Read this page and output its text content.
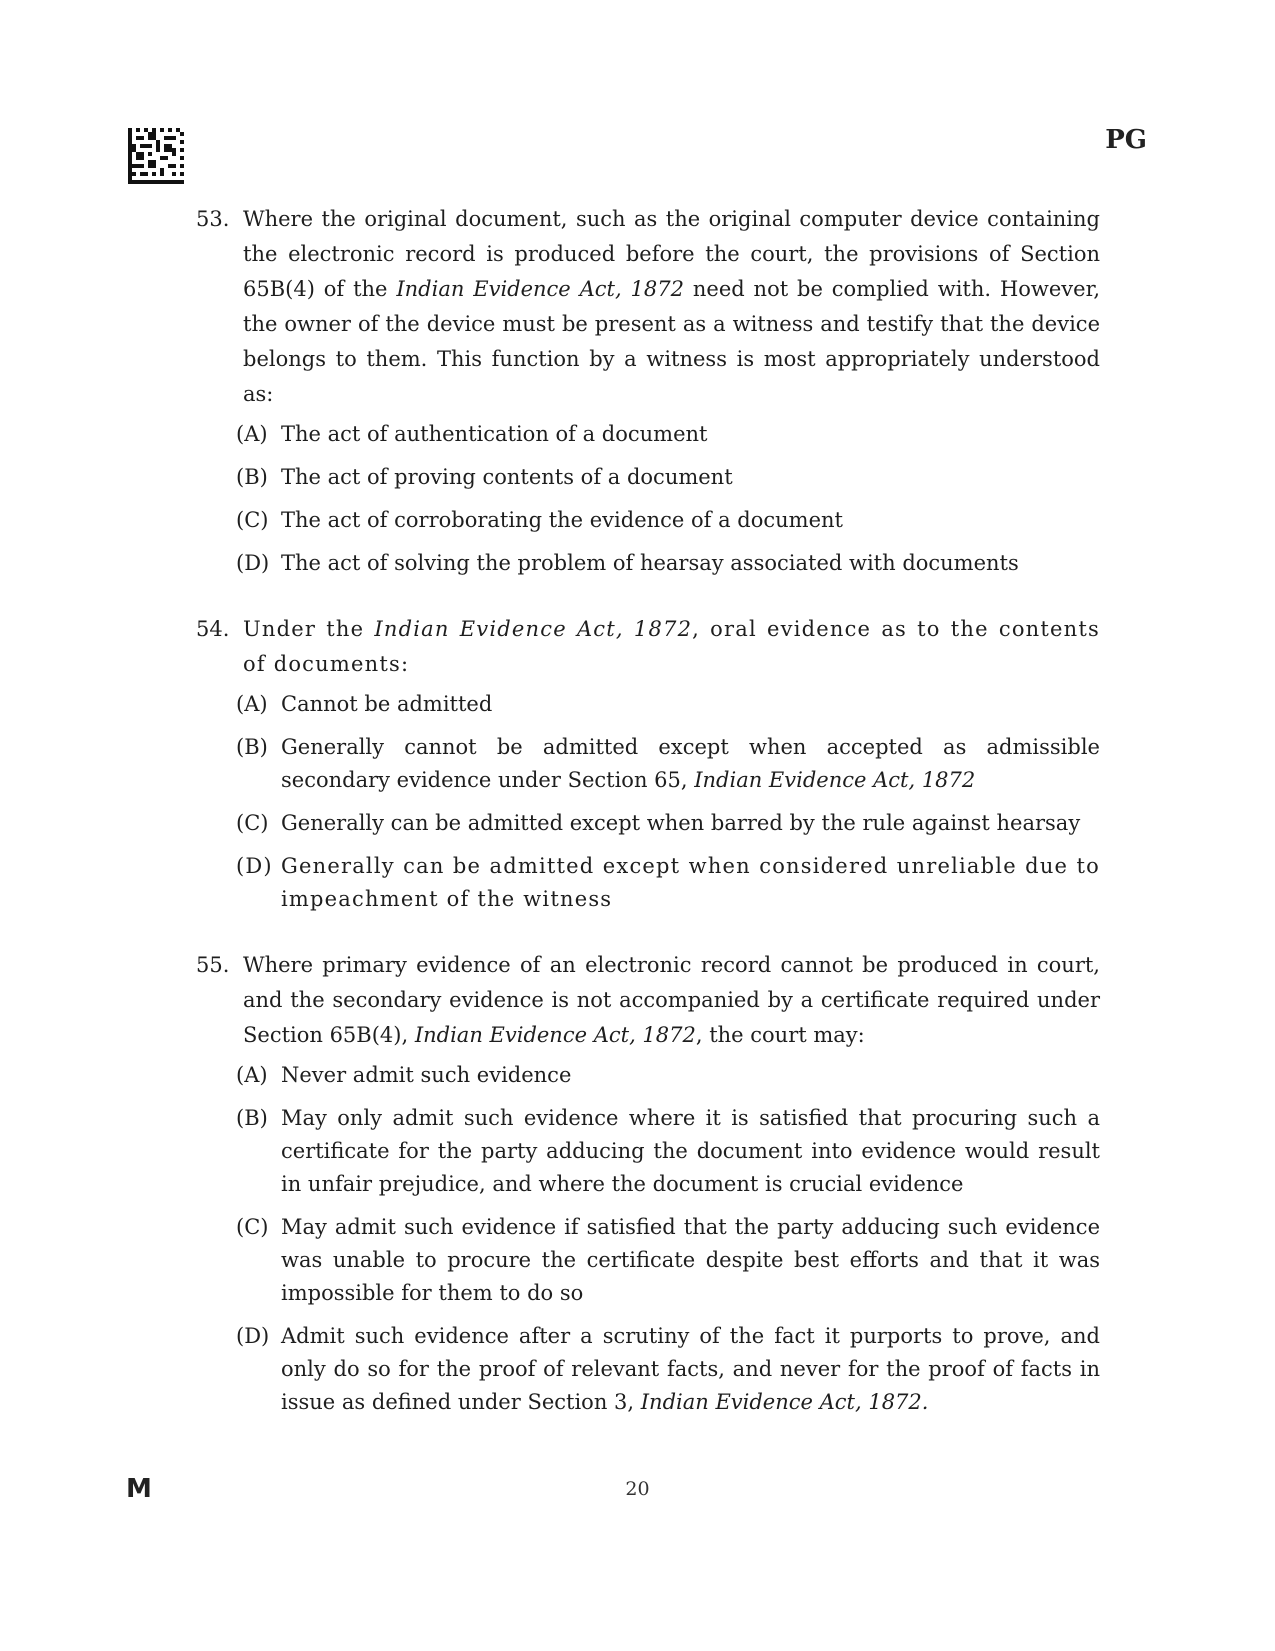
PG

53. Where the original document, such as the original computer device containing the electronic record is produced before the court, the provisions of Section 65B(4) of the Indian Evidence Act, 1872 need not be complied with. However, the owner of the device must be present as a witness and testify that the device belongs to them. This function by a witness is most appropriately understood as:

(A) The act of authentication of a document
(B) The act of proving contents of a document
(C) The act of corroborating the evidence of a document
(D) The act of solving the problem of hearsay associated with documents
54. Under the Indian Evidence Act, 1872, oral evidence as to the contents of documents:

(A) Cannot be admitted
(B) Generally cannot be admitted except when accepted as admissible secondary evidence under Section 65, Indian Evidence Act, 1872
(C) Generally can be admitted except when barred by the rule against hearsay
(D) Generally can be admitted except when considered unreliable due to impeachment of the witness
55. Where primary evidence of an electronic record cannot be produced in court, and the secondary evidence is not accompanied by a certificate required under Section 65B(4), Indian Evidence Act, 1872, the court may:

(A) Never admit such evidence
(B) May only admit such evidence where it is satisfied that procuring such a certificate for the party adducing the document into evidence would result in unfair prejudice, and where the document is crucial evidence
(C) May admit such evidence if satisfied that the party adducing such evidence was unable to procure the certificate despite best efforts and that it was impossible for them to do so
(D) Admit such evidence after a scrutiny of the fact it purports to prove, and only do so for the proof of relevant facts, and never for the proof of facts in issue as defined under Section 3, Indian Evidence Act, 1872.
M	20
